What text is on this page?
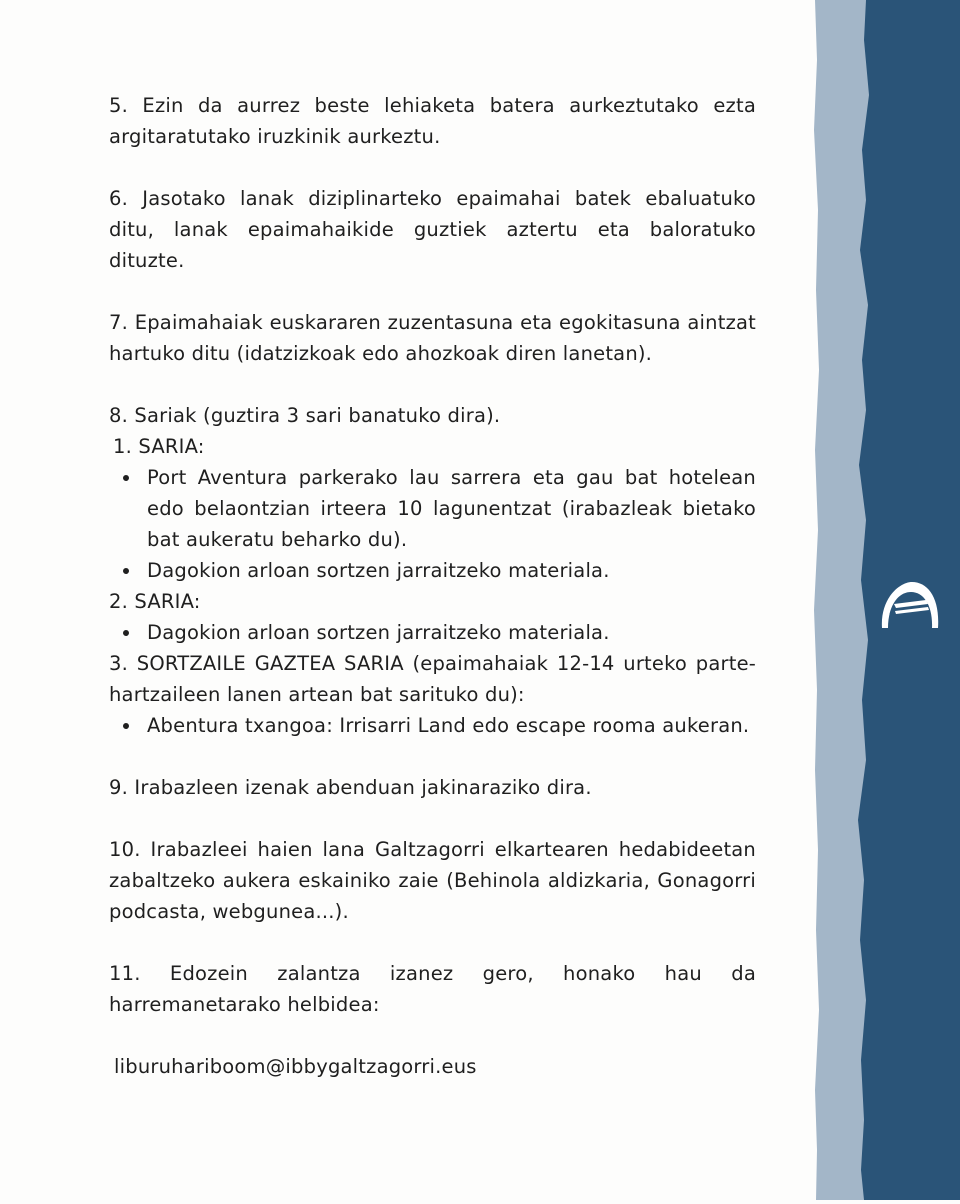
5. Ezin da aurrez beste lehiaketa batera aurkeztutako ezta argitaratutako iruzkinik aurkeztu.

6. Jasotako lanak diziplinarteko epaimahai batek ebaluatuko ditu, lanak epaimahaikide guztiek aztertu eta baloratuko dituzte.

7. Epaimahaiak euskararen zuzentasuna eta egokitasuna aintzat hartuko ditu (idatzizkoak edo ahozkoak diren lanetan).

8. Sariak (guztira 3 sari banatuko dira).

1. SARIA:

Port Aventura parkerako lau sarrera eta gau bat hotelean edo belaontzian irteera 10 lagunentzat (irabazleak bietako bat aukeratu beharko du).
Dagokion arloan sortzen jarraitzeko materiala.

2. SARIA:

Dagokion arloan sortzen jarraitzeko materiala.

3. SORTZAILE GAZTEA SARIA (epaimahaiak 12-14 urteko parte-hartzaileen lanen artean bat sarituko du):

Abentura txangoa: Irrisarri Land edo escape rooma aukeran.

9. Irabazleen izenak abenduan jakinaraziko dira.

10. Irabazleei haien lana Galtzagorri elkartearen hedabideetan zabaltzeko aukera eskainiko zaie (Behinola aldizkaria, Gonagorri podcasta, webgunea...).

11. Edozein zalantza izanez gero, honako hau da harremanetarako helbidea:

liburuhariboom@ibbygaltzagorri.eus
